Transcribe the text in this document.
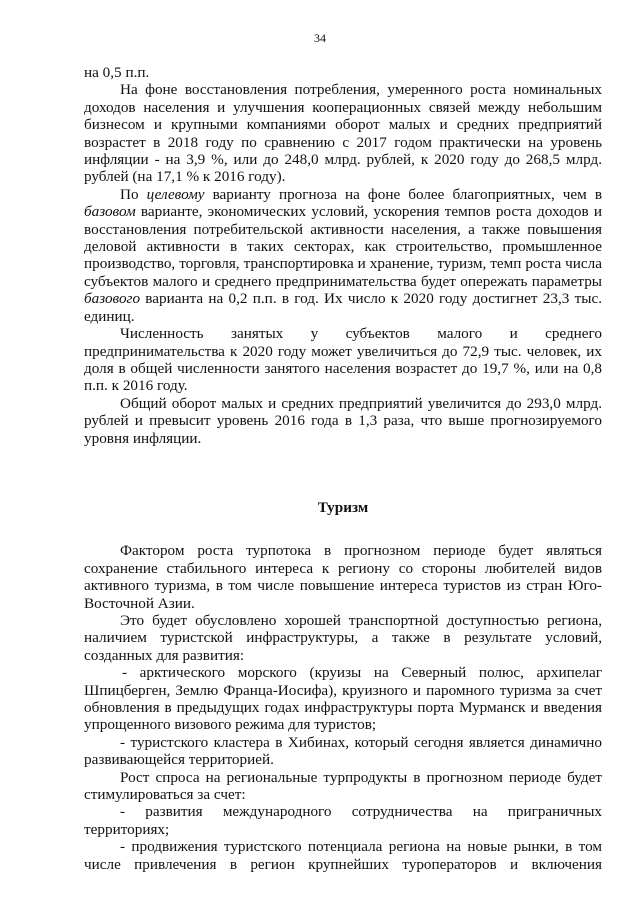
34

на 0,5 п.п.

На фоне восстановления потребления, умеренного роста номинальных доходов населения и улучшения кооперационных связей между небольшим бизнесом и крупными компаниями оборот малых и средних предприятий возрастет в 2018 году по сравнению с 2017 годом практически на уровень инфляции - на 3,9 %, или до 248,0 млрд. рублей, к 2020 году до 268,5 млрд. рублей (на 17,1 % к 2016 году).

По целевому варианту прогноза на фоне более благоприятных, чем в базовом варианте, экономических условий, ускорения темпов роста доходов и восстановления потребительской активности населения, а также повышения деловой активности в таких секторах, как строительство, промышленное производство, торговля, транспортировка и хранение, туризм, темп роста числа субъектов малого и среднего предпринимательства будет опережать параметры базового варианта на 0,2 п.п. в год. Их число к 2020 году достигнет 23,3 тыс. единиц.

Численность занятых у субъектов малого и среднего предпринимательства к 2020 году может увеличиться до 72,9 тыс. человек, их доля в общей численности занятого населения возрастет до 19,7 %, или на 0,8 п.п. к 2016 году.

Общий оборот малых и средних предприятий увеличится до 293,0 млрд. рублей и превысит уровень 2016 года в 1,3 раза, что выше прогнозируемого уровня инфляции.

Туризм

Фактором роста турпотока в прогнозном периоде будет являться сохранение стабильного интереса к региону со стороны любителей видов активного туризма, в том числе повышение интереса туристов из стран Юго-Восточной Азии.

Это будет обусловлено хорошей транспортной доступностью региона, наличием туристской инфраструктуры, а также в результате условий, созданных для развития:

- арктического морского (круизы на Северный полюс, архипелаг Шпицберген, Землю Франца-Иосифа), круизного и паромного туризма за счет обновления в предыдущих годах инфраструктуры порта Мурманск и введения упрощенного визового режима для туристов;

- туристского кластера в Хибинах, который сегодня является динамично развивающейся территорией.

Рост спроса на региональные турпродукты в прогнозном периоде будет стимулироваться за счет:

- развития международного сотрудничества на приграничных территориях;

- продвижения туристского потенциала региона на новые рынки, в том числе привлечения в регион крупнейших туроператоров и включения
